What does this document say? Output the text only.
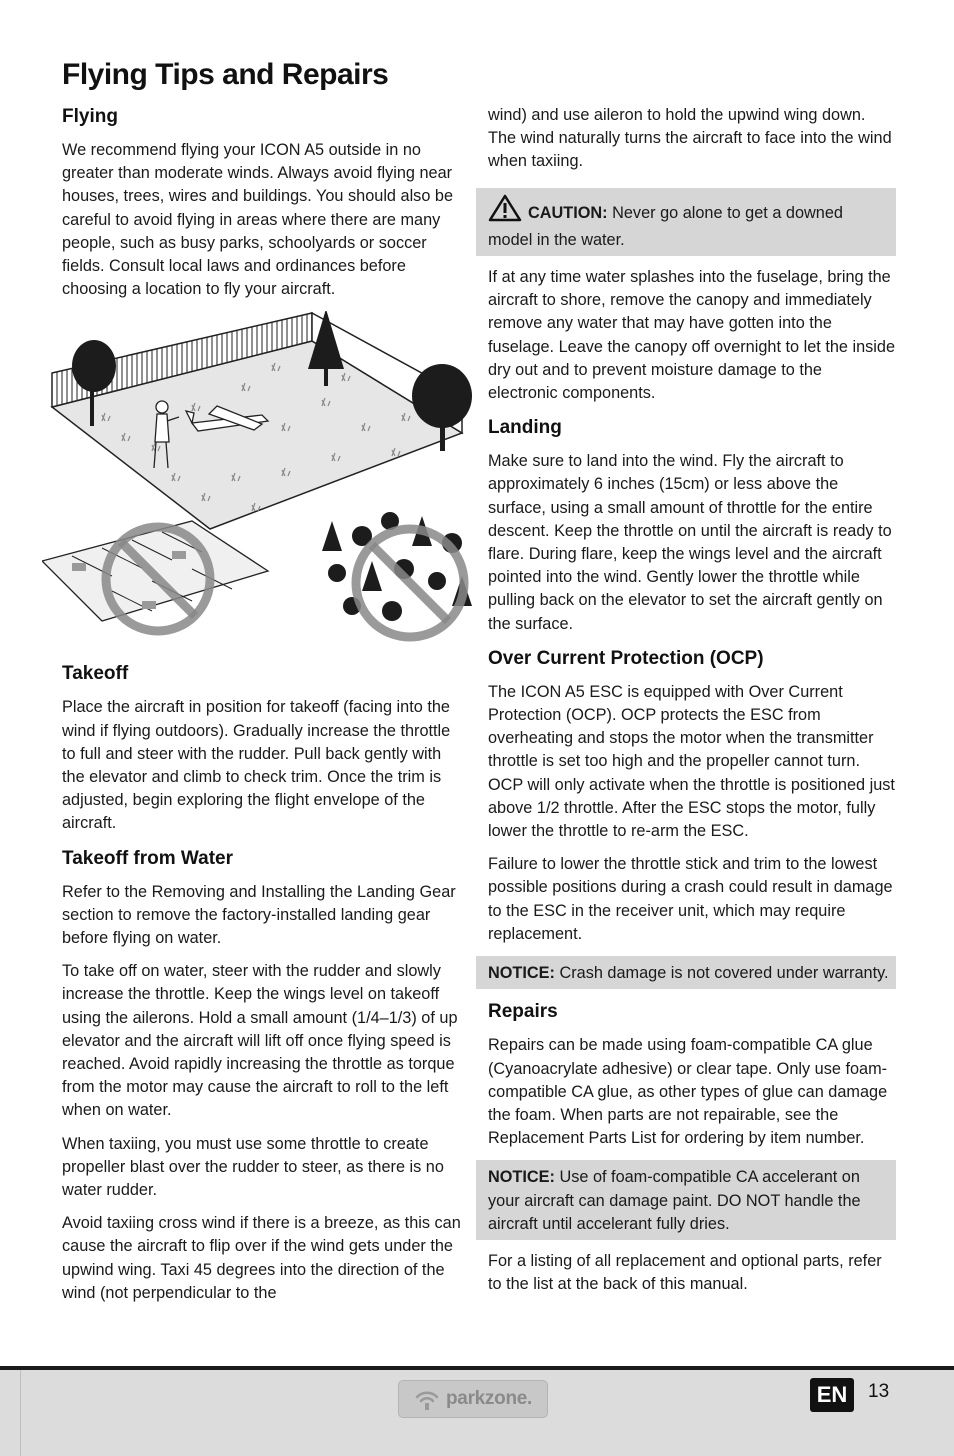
Flying Tips and Repairs
Flying

We recommend flying your ICON A5 outside in no greater than moderate winds. Always avoid flying near houses, trees, wires and buildings. You should also be careful to avoid flying in areas where there are many people, such as busy parks, schoolyards or soccer fields. Consult local laws and ordinances before choosing a location to fly your aircraft.

Takeoff

Place the aircraft in position for takeoff (facing into the wind if flying outdoors). Gradually increase the throttle to full and steer with the rudder. Pull back gently with the elevator and climb to check trim. Once the trim is adjusted, begin exploring the flight envelope of the aircraft.

Takeoff from Water

Refer to the Removing and Installing the Landing Gear section to remove the factory-installed landing gear before flying on water.

To take off on water, steer with the rudder and slowly increase the throttle. Keep the wings level on takeoff using the ailerons. Hold a small amount (1/4–1/3) of up elevator and the aircraft will lift off once flying speed is reached. Avoid rapidly increasing the throttle as torque from the motor may cause the aircraft to roll to the left when on water.

When taxiing, you must use some throttle to create propeller blast over the rudder to steer, as there is no water rudder.

Avoid taxiing cross wind if there is a breeze, as this can cause the aircraft to flip over if the wind gets under the upwind wing. Taxi 45 degrees into the direction of the wind (not perpendicular to the

wind) and use aileron to hold the upwind wing down. The wind naturally turns the aircraft to face into the wind when taxiing.

CAUTION: Never go alone to get a downed model in the water.

If at any time water splashes into the fuselage, bring the aircraft to shore, remove the canopy and immediately remove any water that may have gotten into the fuselage. Leave the canopy off overnight to let the inside dry out and to prevent moisture damage to the electronic components.

Landing

Make sure to land into the wind. Fly the aircraft to approximately 6 inches (15cm) or less above the surface, using a small amount of throttle for the entire descent. Keep the throttle on until the aircraft is ready to flare. During flare, keep the wings level and the aircraft pointed into the wind. Gently lower the throttle while pulling back on the elevator to set the aircraft gently on the surface.

Over Current Protection (OCP)

The ICON A5 ESC is equipped with Over Current Protection (OCP). OCP protects the ESC from overheating and stops the motor when the transmitter throttle is set too high and the propeller cannot turn. OCP will only activate when the throttle is positioned just above 1/2 throttle. After the ESC stops the motor, fully lower the throttle to re-arm the ESC.

Failure to lower the throttle stick and trim to the lowest possible positions during a crash could result in damage to the ESC in the receiver unit, which may require replacement.

NOTICE: Crash damage is not covered under warranty.
Repairs

Repairs can be made using foam-compatible CA glue (Cyanoacrylate adhesive) or clear tape. Only use foam-compatible CA glue, as other types of glue can damage the foam. When parts are not repairable, see the Replacement Parts List for ordering by item number.

NOTICE: Use of foam-compatible CA accelerant on your aircraft can damage paint. DO NOT handle the aircraft until accelerant fully dries.

For a listing of all replacement and optional parts, refer to the list at the back of this manual.

parkzone.	EN	13
